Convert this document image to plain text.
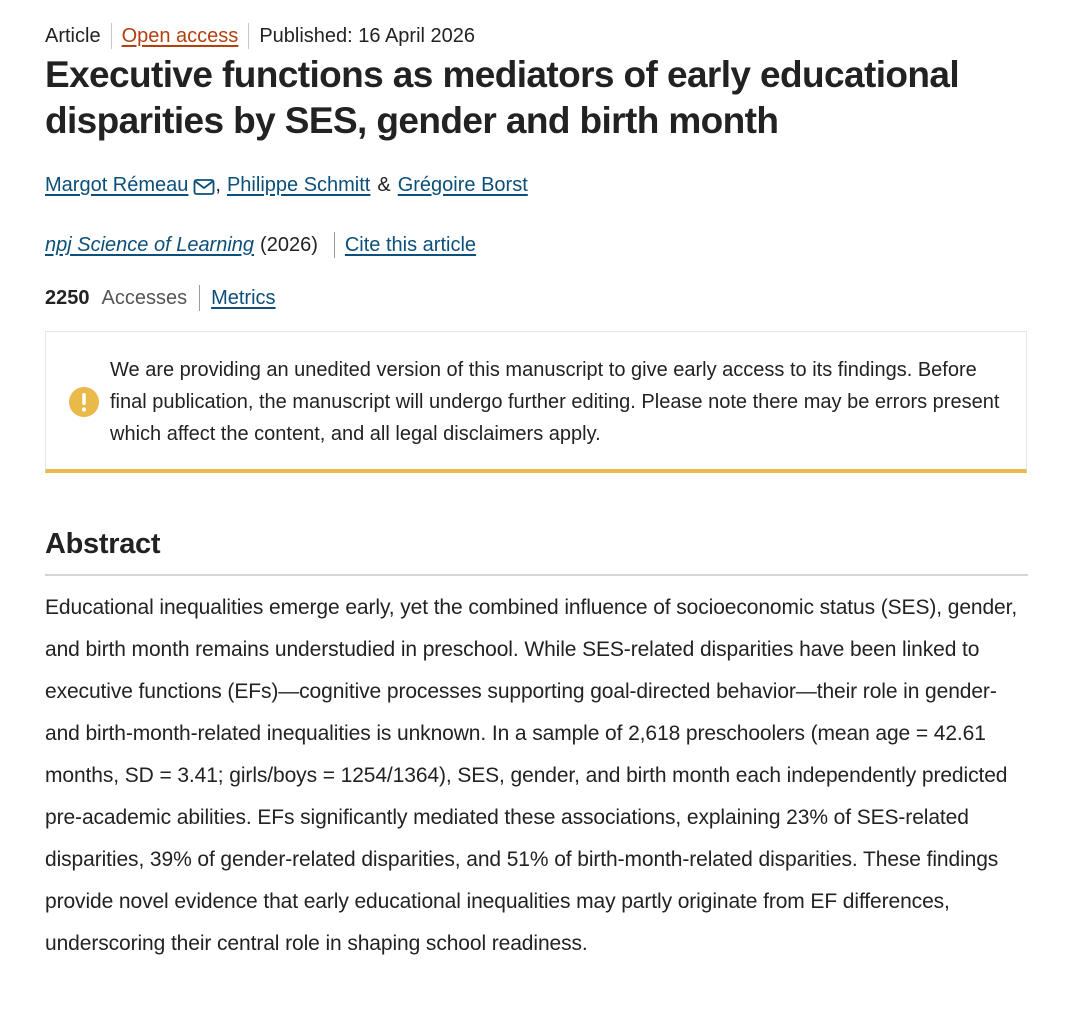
Article Open access Published: 16 April 2026
Executive functions as mediators of early educational disparities by SES, gender and birth month
Margot Rémeau , Philippe Schmitt & Grégoire Borst
npj Science of Learning (2026) Cite this article
2250 Accesses Metrics

We are providing an unedited version of this manuscript to give early access to its findings. Before final publication, the manuscript will undergo further editing. Please note there may be errors present which affect the content, and all legal disclaimers apply.

Abstract

Educational inequalities emerge early, yet the combined influence of socioeconomic status (SES), gender, and birth month remains understudied in preschool. While SES-related disparities have been linked to executive functions (EFs)—cognitive processes supporting goal-directed behavior—their role in gender- and birth-month-related inequalities is unknown. In a sample of 2,618 preschoolers (mean age = 42.61 months, SD = 3.41; girls/boys = 1254/1364), SES, gender, and birth month each independently predicted pre-academic abilities. EFs significantly mediated these associations, explaining 23% of SES-related disparities, 39% of gender-related disparities, and 51% of birth-month-related disparities. These findings provide novel evidence that early educational inequalities may partly originate from EF differences, underscoring their central role in shaping school readiness.
